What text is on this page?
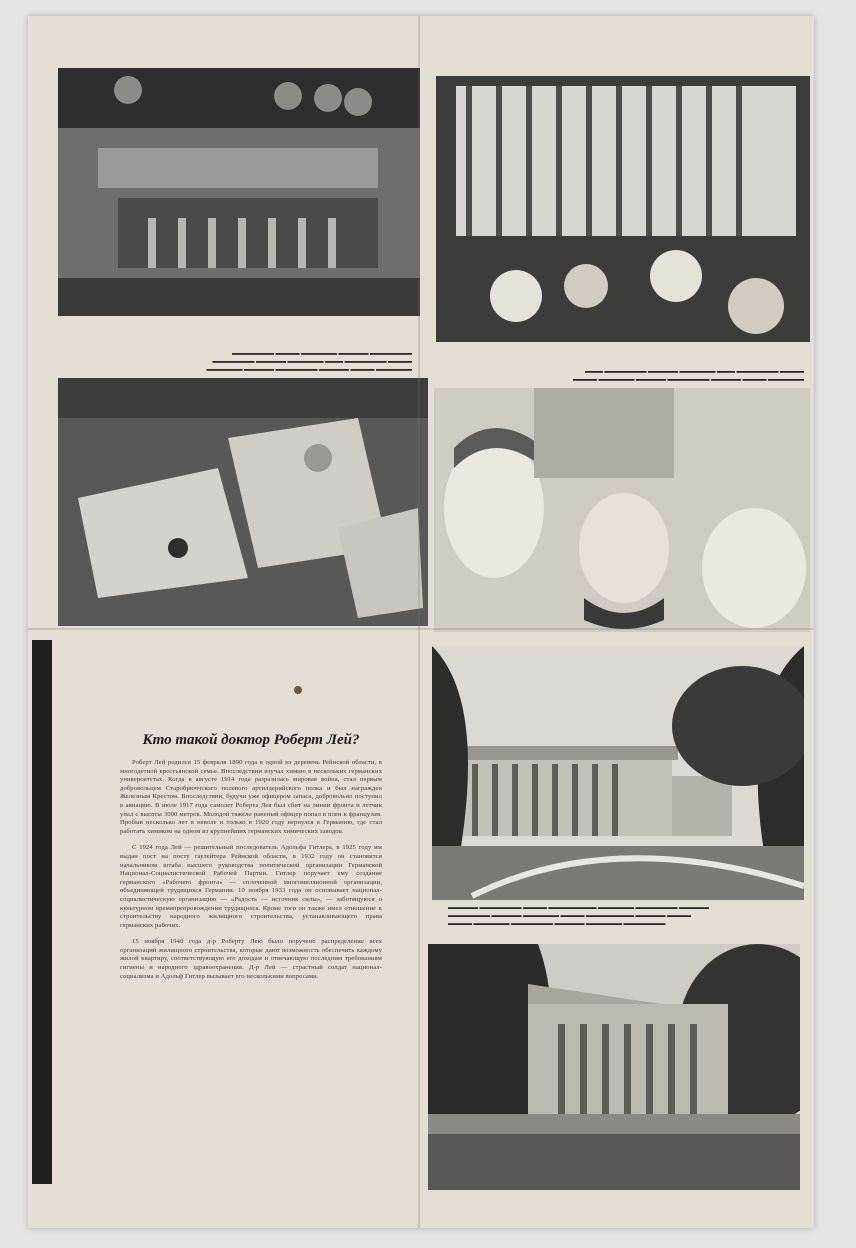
▬▬▬▬▬▬ ▬▬▬▬ ▬▬▬▬▬ ▬▬▬▬▬▬▬ ▬▬▬▬▬ ▬▬▬▬▬▬
▬▬▬▬ ▬▬▬▬▬▬▬ ▬▬▬ ▬▬▬▬▬▬ ▬▬▬▬▬ ▬▬▬▬▬▬▬
▬▬▬▬▬▬▬ ▬▬▬▬▬ ▬▬▬▬▬▬ ▬▬▬▬ ▬▬▬▬▬▬▬
▬▬▬▬▬▬ ▬▬▬▬ ▬▬▬▬▬ ▬▬▬▬▬▬▬ ▬▬▬▬▬ ▬▬▬▬▬▬ ▬▬▬▬
▬▬▬▬ ▬▬▬▬▬▬▬ ▬▬▬ ▬▬▬▬▬▬ ▬▬▬▬▬ ▬▬▬▬▬▬▬ ▬▬▬
Кто такой доктор Роберт Лей?

Роберт Лей родился 15 февраля 1890 года в одной из деревень Рейнской области, в многодетной крестьянской семье. Впоследствии изучал химию в нескольких германских университетах. Когда в августе 1914 года разразилась мировая война, стал первым добровольцем Старобрюччского полевого артиллерийского полка и был награжден Железным Крестом. Впоследствии, будучи уже офицером запаса, добровольно поступил в авиацию. В июле 1917 года самолет Роберта Лея был сбит на линии фронта и летчик упал с высоты 3000 метров. Молодой тяжело раненый офицер попал в плен к французам. Пробыв несколько лет в неволе и только в 1920 году вернулся в Германию, где стал работать химиком на одном из крупнейших германских химических заводов.

С 1924 года Лей — решительный последователь Адольфа Гитлера, в 1925 году им выдан пост на посту гаулейтера Рейнской области, в 1932 году он становится начальником штаба высшего руководства политической организации Германской Национал-Социалистической Рабочей Партии. Гитлер поручает ему создание германского «Рабочего фронта» — сплоченной многомиллионной организации, объединяющей трудящихся Германии. 10 ноября 1933 года он основывает национал-социалистическую организацию — «Радость — источник силы», — заботящуюся о культурном времяпрепровождении трудящихся. Кроме того он также имел отношение к строительству народного жилищного строительства, устанавливающего права германских рабочих.

15 ноября 1940 года д-р Роберту Лею было поручено распределение всех организаций жилищного строительства, которые дают возможность обеспечить каждому жилой квартиру, соответствующую его доходам и отвечающую последним требованиям гигиены и народного здравоохранения. Д-р Лей — страстный солдат национал-социализма и Адольф Гитлер вызывает его несколькими вопросами.

▬▬▬▬▬ ▬▬▬▬▬▬▬ ▬▬▬▬ ▬▬▬▬▬▬▬▬ ▬▬▬▬▬▬ ▬▬▬▬▬▬▬ ▬▬▬▬▬
▬▬▬▬▬▬▬ ▬▬▬▬▬ ▬▬▬▬▬▬ ▬▬▬▬ ▬▬▬▬▬▬▬▬ ▬▬▬▬▬ ▬▬▬▬
▬▬▬▬ ▬▬▬▬▬▬ ▬▬▬▬▬▬▬ ▬▬▬▬▬ ▬▬▬▬▬▬ ▬▬▬▬▬▬▬
